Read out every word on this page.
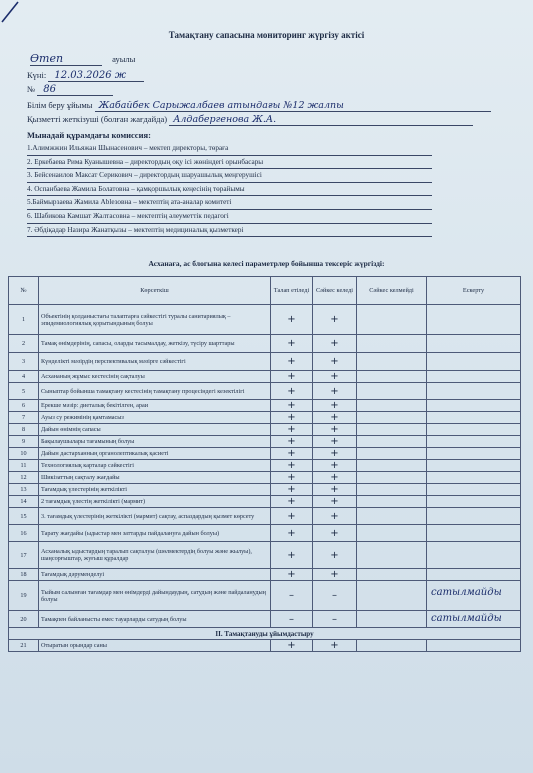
Тамақтану сапасына мониторинг жүргізу актісі
Өтеп	ауылы
Күні: 12.03.2026 ж
№ 86
Білім беру ұйымы Жабайбек Сарыжалбаев атындағы №12 жалпы
Қызметті жеткізуші (болған жағдайда) Алдабергенова Ж.А.
Мынадай құрамдағы комиссия:
1.Алимжжин Ильяжан Шынасенович – мектеп директоры, төраға
2. Еркебаева Рима Куанышевна – директордың оқу ісі жөніндегі орынбасары
3. Бейсенаилов Максат Серикович – директордың шаруашылық меңгерушісі
4. Оспанбаева Жамила Болатовна – қамқоршылық кеңесінің төрайымы
5.Баймырзаева Жамила Ablезовна – мектептің ата-аналар комитеті
6. Шабикова Камшат Жалтасовна – мектептің әлеуметтік педагогі
7. Әбдіқадар Назира Жанатқызы – мектептің медициналық қызметкері
Асханаға, ас блогына келесі параметрлер бойынша тексеріс жүргізді:
№	Көрсеткіш	Талап етіледі	Сәйкес келеді	Сәйкес келмейді	Ескерту
1	Объектінің қолданыстағы талаптарға сәйкестігі туралы санитариялық – эпидемиологиялық қорытындының болуы	+	+		
2	Тамақ өнімдерінің, сапасы, оларды тасымалдау, жеткізу, түсіру шарттары	+	+		
3	Күнделікті мәзірдің перспективалық мәзірге сәйкестігі	+	+		
4	Асхананың жұмыс кестесінің сақталуы	+	+		
5	Сыныптар бойынша тамақтану кестесінің тамақтану процесіндегі кезектілігі	+	+		
6	Ерекше мәзір: диеталық бекітілген, араи	+	+		
7	Ауыз су режимінің қамтамасыз	+	+		
8	Дайын өнімнің сапасы	+	+		
9	Бақылаушылары тағамының болуы	+	+		
10	Дайын дастарханның органолептикалық қасиеті	+	+		
11	Технологиялық карталар сәйкестігі	+	+		
12	Шикізаттың сақталу жағдайы	+	+		
13	Тағамдық үлестерінің жеткілікті	+	+		
14	2 тағамдық үлестің жеткілікті (мармит)	+	+		
15	3. тағамдық үлестерінің жеткілікті (мармит) сақтау, аспаздардың қызмет көрсету	+	+		
16	Тарату жағдайы (ыдыстар мен заттарды пайдалануға дайын болуы)	+	+		
17	Асханалық ыдыстардың таралып сақталуы (шөлмектердің болуы және жылуы), шаңсорғыштар, жуғыш құралдар	+	+		
18	Тағамдық дәруменделуі	+	+		
19	Тыйым салынған тағамдар мен өнімдерді дайындаудың, сатудың және пайдаланудың болуы	–	–		сатылмайды

20	Тамақпен байланысты емес тауарларды сатудың болуы	–	–		сатылмайды

II. Тамақтануды ұйымдастыру					
21	Отыратын орындар саны	+	+		
